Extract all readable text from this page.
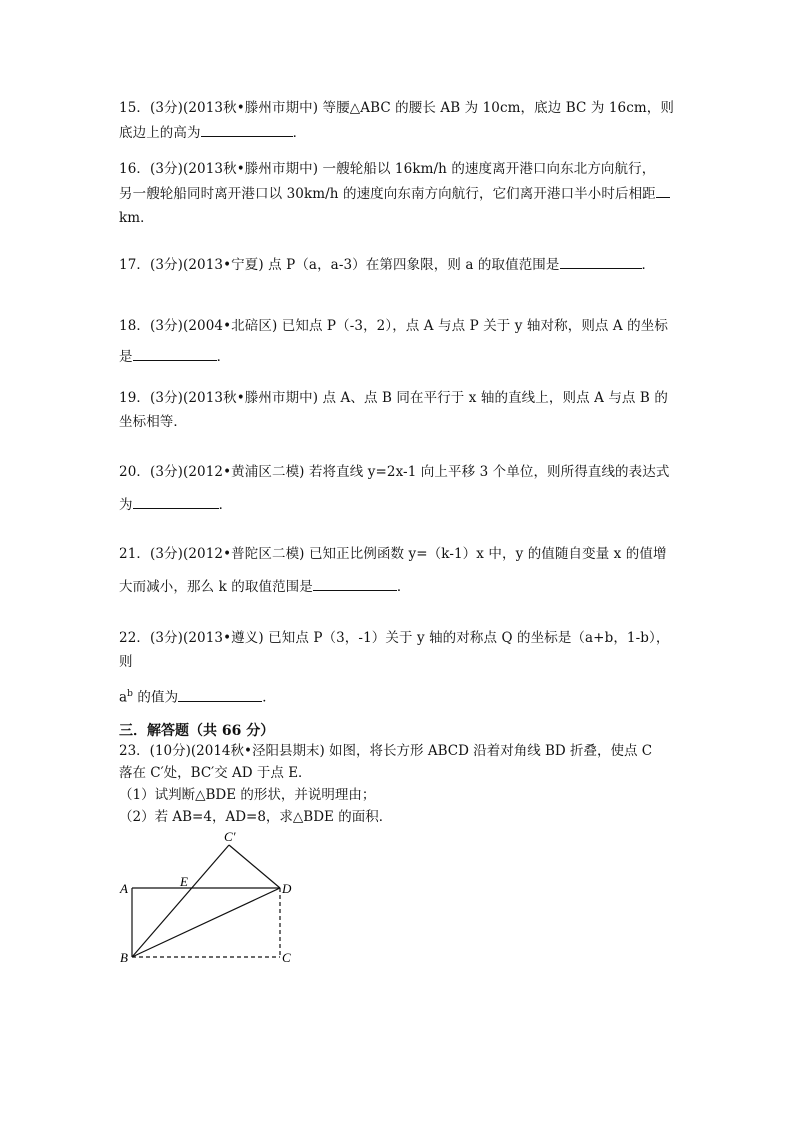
15．(3分)(2013秋•滕州市期中) 等腰△ABC 的腰长 AB 为 10cm，底边 BC 为 16cm，则
底边上的高为	．
16．(3分)(2013秋•滕州市期中) 一艘轮船以 16km/h 的速度离开港口向东北方向航行，
另一艘轮船同时离开港口以 30km/h 的速度向东南方向航行，它们离开港口半小时后相距
km．
17．(3分)(2013•宁夏) 点 P（a，a-3）在第四象限，则 a 的取值范围是	．
18．(3分)(2004•北碚区) 已知点 P（-3，2），点 A 与点 P 关于 y 轴对称，则点 A 的坐标
是	．
19．(3分)(2013秋•滕州市期中) 点 A、点 B 同在平行于 x 轴的直线上，则点 A 与点 B 的
坐标相等．
20．(3分)(2012•黄浦区二模) 若将直线 y=2x-1 向上平移 3 个单位，则所得直线的表达式
为	．
21．(3分)(2012•普陀区二模) 已知正比例函数 y=（k-1）x 中，y 的值随自变量 x 的值增
大而减小，那么 k 的取值范围是	．
22．(3分)(2013•遵义) 已知点 P（3，-1）关于 y 轴的对称点 Q 的坐标是（a+b，1-b），则
$a^b$ 的值为	．
三．解答题（共 66 分）
23．(10分)(2014秋•泾阳县期末) 如图，将长方形 ABCD 沿着对角线 BD 折叠，使点 C
落在 C′处，BC′交 AD 于点 E．
（1）试判断△BDE 的形状，并说明理由；
（2）若 AB=4，AD=8，求△BDE 的面积．
A
B	C
D
E
C′
